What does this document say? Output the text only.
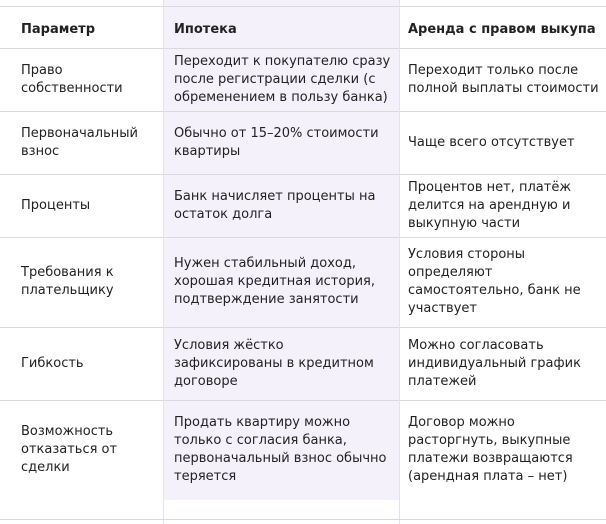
Параметр	Ипотека	Аренда с правом выкупа
Право собственности	Переходит к покупателю сразу после регистрации сделки (с обременением в пользу банка)	Переходит только после полной выплаты стоимости
Первоначальный взнос	Обычно от 15–20% стоимости квартиры	Чаще всего отсутствует
Проценты	Банк начисляет проценты на остаток долга	Процентов нет, платёж делится на арендную и выкупную части
Требования к плательщику	Нужен стабильный доход, хорошая кредитная история, подтверждение занятости	Условия стороны определяют самостоятельно, банк не участвует
Гибкость	Условия жёстко зафиксированы в кредитном договоре	Можно согласовать индивидуальный график платежей
Возможность отказаться от сделки	Продать квартиру можно только с согласия банка, первоначальный взнос обычно теряется	Договор можно расторгнуть, выкупные платежи возвращаются (арендная плата – нет)
